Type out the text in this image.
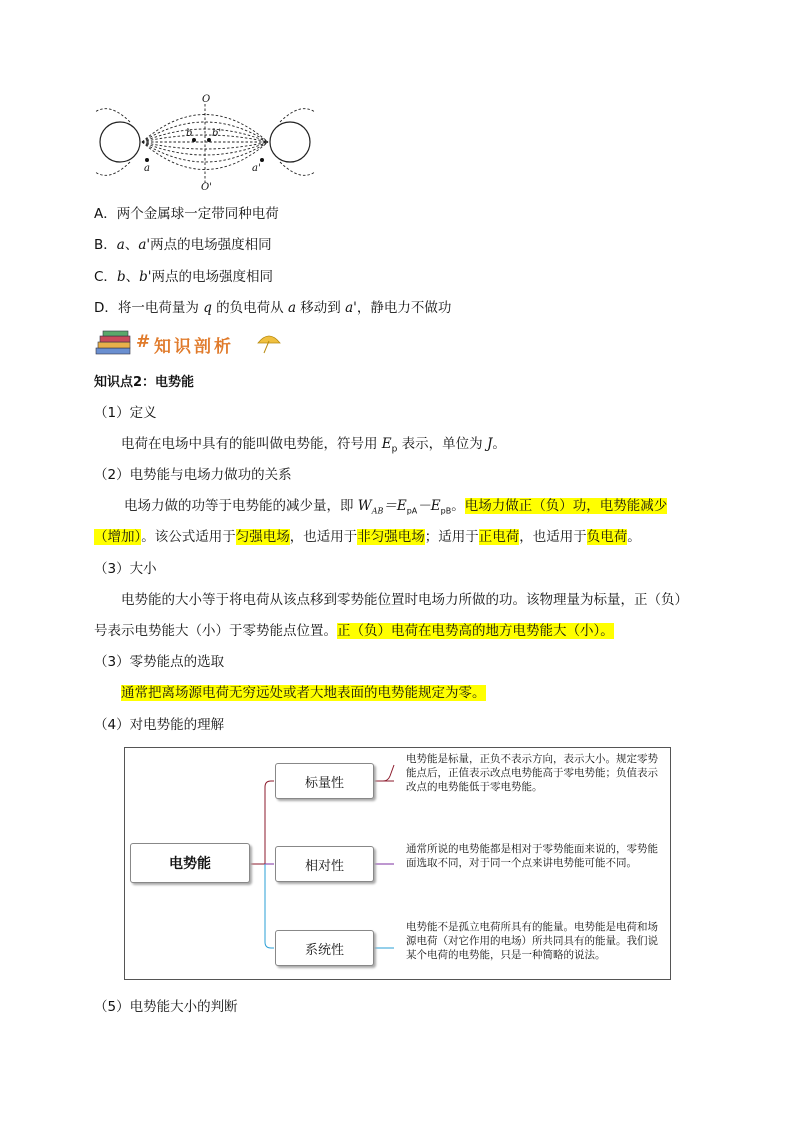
O
O'
b b'
a	a'
A．两个金属球一定带同种电荷
B．a、a'两点的电场强度相同
C．b、b'两点的电场强度相同
D．将一电荷量为 q 的负电荷从 a 移动到 a'，静电力不做功
# 知识剖析
知识点2：电势能
（1）定义
电荷在电场中具有的能叫做电势能，符号用 $E_p$ 表示，单位为 J。
（2）电势能与电场力做功的关系
电场力做的功等于电势能的减少量，即 $W_{AB}=E_{pA}-E_{pB}$。电场力做正（负）功，电势能减少
（增加）。该公式适用于匀强电场，也适用于非匀强电场；适用于正电荷，也适用于负电荷。
（3）大小
电势能的大小等于将电荷从该点移到零势能位置时电场力所做的功。该物理量为标量，正（负）
号表示电势能大（小）于零势能点位置。正（负）电荷在电势高的地方电势能大（小）。
（3）零势能点的选取
通常把离场源电荷无穷远处或者大地表面的电势能规定为零。
（4）对电势能的理解
电势能
标量性
相对性
系统性
电势能是标量，正负不表示方向，表示大小。规定零势能点后，正值表示改点电势能高于零电势能；负值表示改点的电势能低于零电势能。
通常所说的电势能都是相对于零势能面来说的，零势能面选取不同，对于同一个点来讲电势能可能不同。
电势能不是孤立电荷所具有的能量。电势能是电荷和场源电荷（对它作用的电场）所共同具有的能量。我们说某个电荷的电势能，只是一种简略的说法。
（5）电势能大小的判断
